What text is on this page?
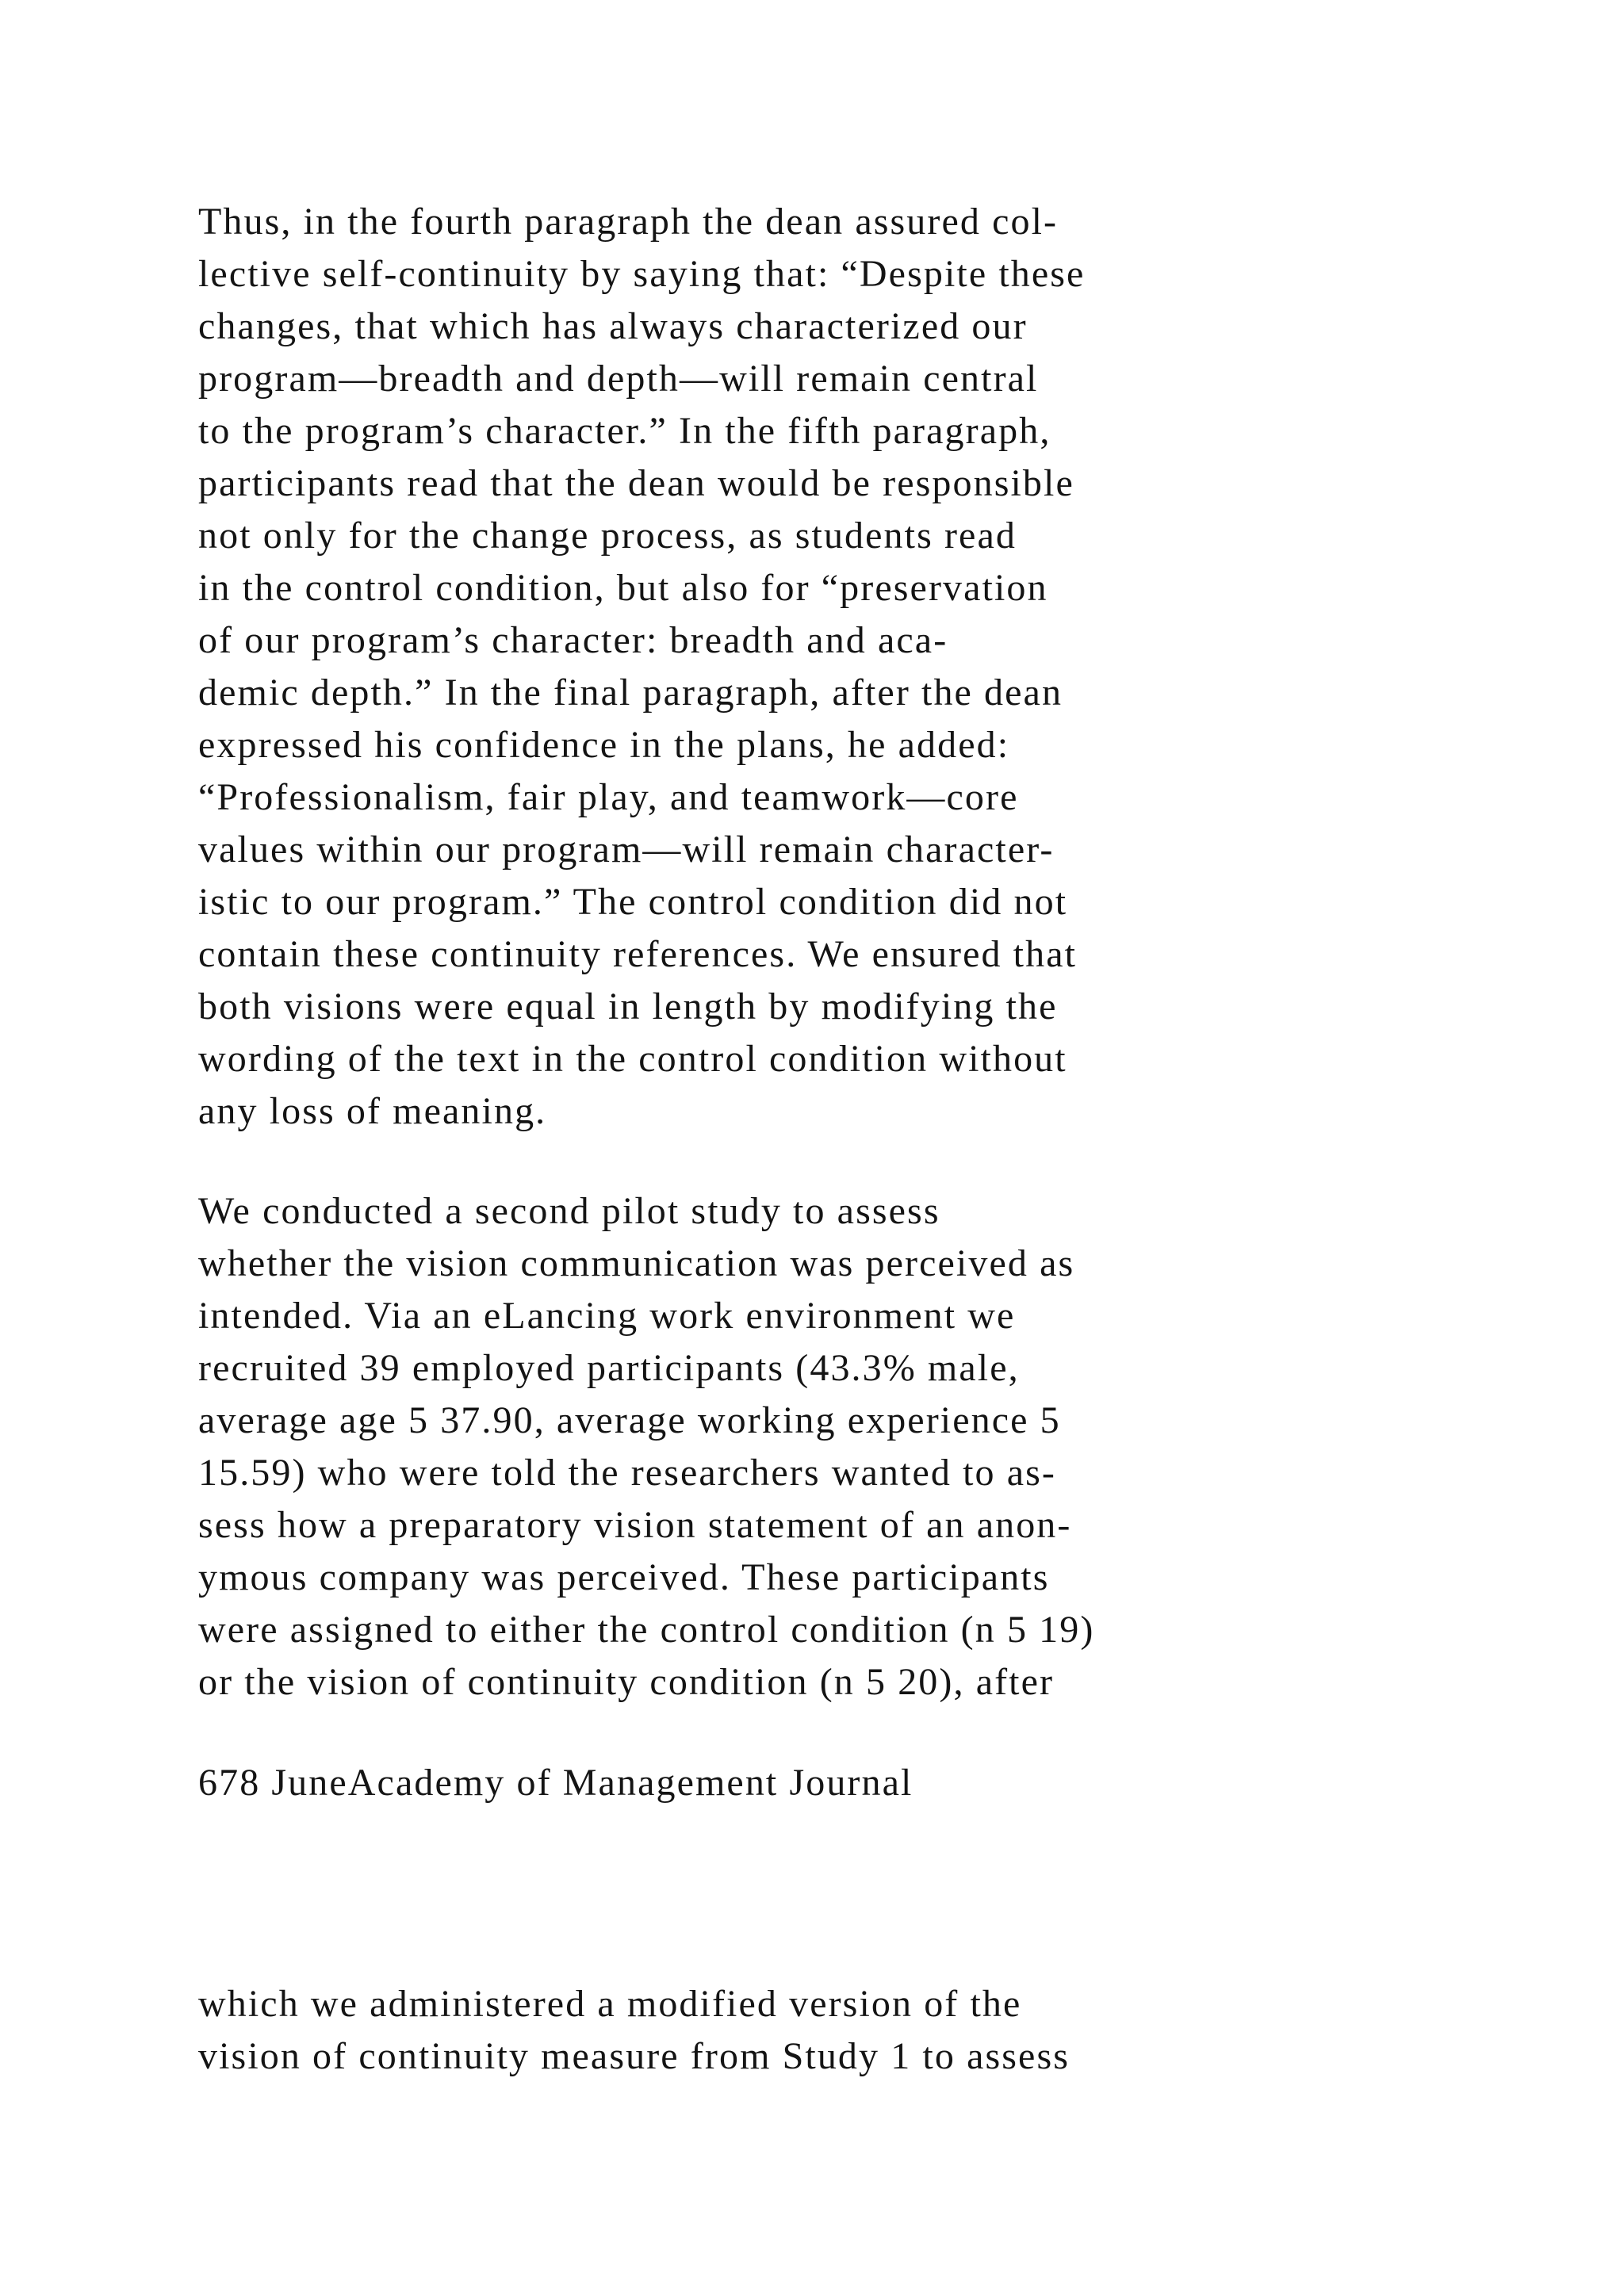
Thus, in the fourth paragraph the dean assured col-
lective self-continuity by saying that: “Despite these
changes, that which has always characterized our
program—breadth and depth—will remain central
to the program’s character.” In the fifth paragraph,
participants read that the dean would be responsible
not only for the change process, as students read
in the control condition, but also for “preservation
of our program’s character: breadth and aca-
demic depth.” In the final paragraph, after the dean
expressed his confidence in the plans, he added:
“Professionalism, fair play, and teamwork—core
values within our program—will remain character-
istic to our program.” The control condition did not
contain these continuity references. We ensured that
both visions were equal in length by modifying the
wording of the text in the control condition without
any loss of meaning.

We conducted a second pilot study to assess
whether the vision communication was perceived as
intended. Via an eLancing work environment we
recruited 39 employed participants (43.3% male,
average age 5 37.90, average working experience 5
15.59) who were told the researchers wanted to as-
sess how a preparatory vision statement of an anon-
ymous company was perceived. These participants
were assigned to either the control condition (n 5 19)
or the vision of continuity condition (n 5 20), after

678 JuneAcademy of Management Journal

which we administered a modified version of the
vision of continuity measure from Study 1 to assess
